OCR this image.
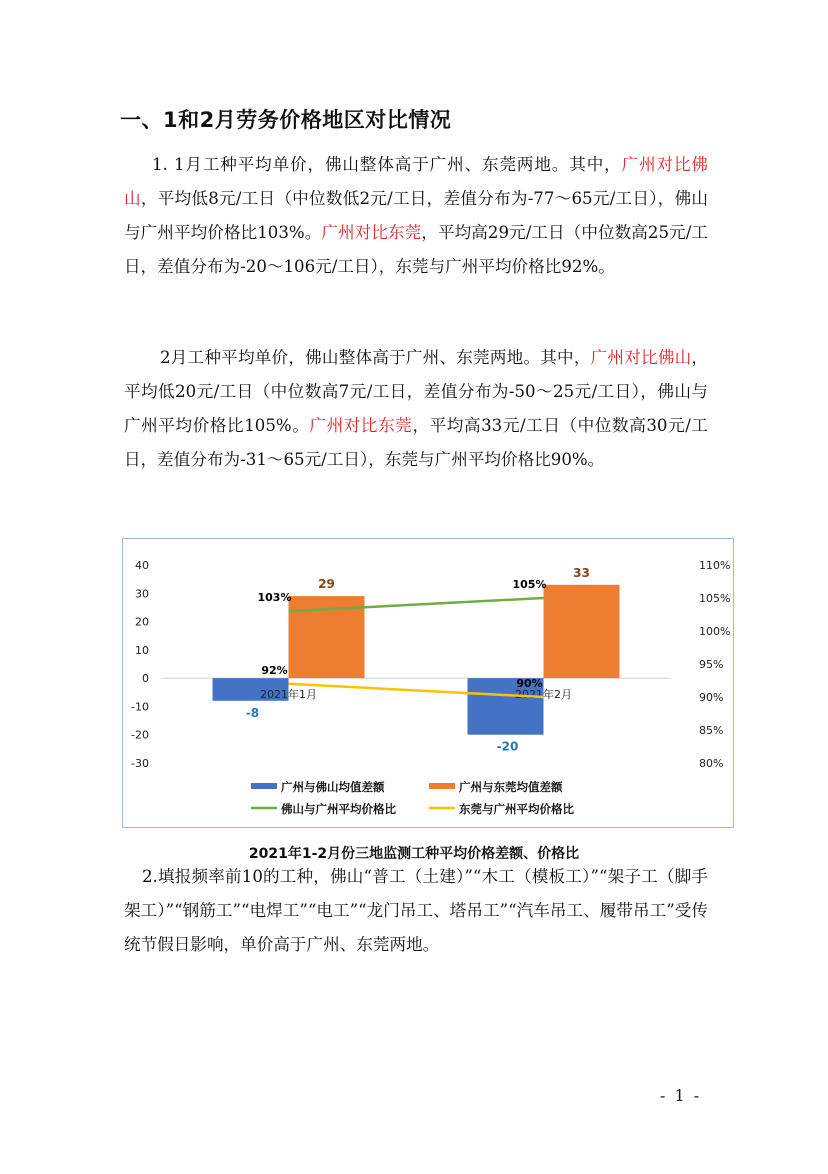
一、1和2月劳务价格地区对比情况
1. 1月工种平均单价，佛山整体高于广州、东莞两地。其中，广州对比佛山，平均低8元/工日（中位数低2元/工日，差值分布为-77～65元/工日），佛山与广州平均价格比103%。广州对比东莞，平均高29元/工日（中位数高25元/工日，差值分布为-20～106元/工日），东莞与广州平均价格比92%。
2月工种平均单价，佛山整体高于广州、东莞两地。其中，广州对比佛山，平均低20元/工日（中位数高7元/工日，差值分布为-50～25元/工日），佛山与广州平均价格比105%。广州对比东莞，平均高33元/工日（中位数高30元/工日，差值分布为-31～65元/工日），东莞与广州平均价格比90%。
40
30
20
10
0
-10
-20
-30
110%
105%
100%
95%
90%
85%
80%
-8
-20
29
33
2021年1月	2021年2月
103%
105%
92%
90%
广州与佛山均值差额	广州与东莞均值差额
佛山与广州平均价格比	东莞与广州平均价格比
2021年1-2月份三地监测工种平均价格差额、价格比
2.填报频率前10的工种，佛山“普工（土建）”“木工（模板工）”“架子工（脚手架工）”“钢筋工”“电焊工”“电工”“龙门吊工、塔吊工”“汽车吊工、履带吊工”受传统节假日影响，单价高于广州、东莞两地。
- 1 -
